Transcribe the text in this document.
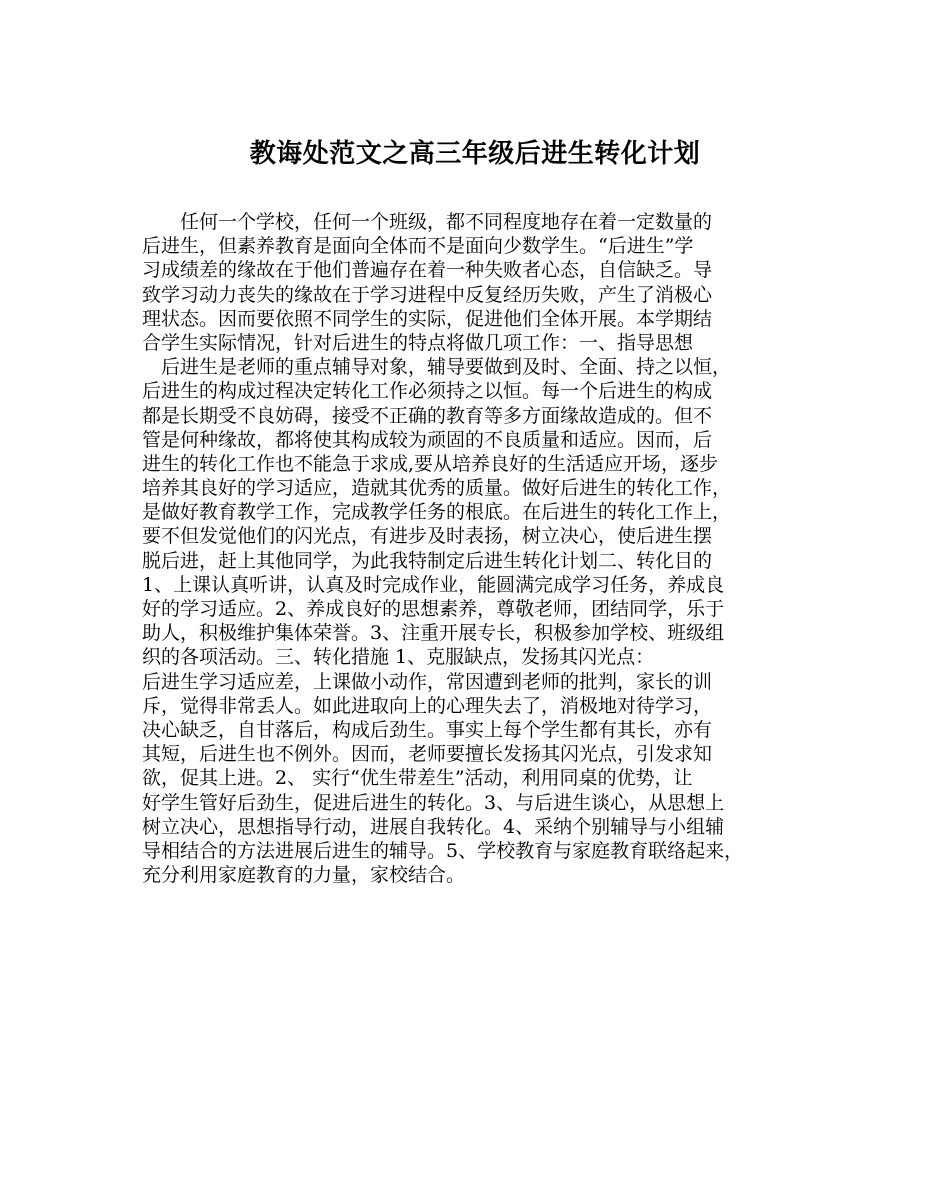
教诲处范文之高三年级后进生转化计划
　　任何一个学校，任何一个班级，都不同程度地存在着一定数量的
后进生，但素养教育是面向全体而不是面向少数学生。“后进生”学
习成绩差的缘故在于他们普遍存在着一种失败者心态，自信缺乏。导
致学习动力丧失的缘故在于学习进程中反复经历失败，产生了消极心
理状态。因而要依照不同学生的实际，促进他们全体开展。本学期结
合学生实际情况，针对后进生的特点将做几项工作：一、指导思想
　后进生是老师的重点辅导对象，辅导要做到及时、全面、持之以恒，
后进生的构成过程决定转化工作必须持之以恒。每一个后进生的构成
都是长期受不良妨碍，接受不正确的教育等多方面缘故造成的。但不
管是何种缘故，都将使其构成较为顽固的不良质量和适应。因而，后
进生的转化工作也不能急于求成,要从培养良好的生活适应开场，逐步
培养其良好的学习适应，造就其优秀的质量。做好后进生的转化工作，
是做好教育教学工作，完成教学任务的根底。在后进生的转化工作上，
要不但发觉他们的闪光点，有进步及时表扬，树立决心，使后进生摆
脱后进，赶上其他同学，为此我特制定后进生转化计划二、转化目的
1、上课认真听讲，认真及时完成作业，能圆满完成学习任务，养成良
好的学习适应。2、养成良好的思想素养，尊敬老师，团结同学，乐于
助人，积极维护集体荣誉。3、注重开展专长，积极参加学校、班级组
织的各项活动。三、转化措施 1、克服缺点，发扬其闪光点：
后进生学习适应差，上课做小动作，常因遭到老师的批判，家长的训
斥，觉得非常丢人。如此进取向上的心理失去了，消极地对待学习，
决心缺乏，自甘落后，构成后劲生。事实上每个学生都有其长，亦有
其短，后进生也不例外。因而，老师要擅长发扬其闪光点，引发求知
欲，促其上进。2、 实行“优生带差生”活动，利用同桌的优势，让
好学生管好后劲生，促进后进生的转化。3、与后进生谈心，从思想上
树立决心，思想指导行动，进展自我转化。4、采纳个别辅导与小组辅
导相结合的方法进展后进生的辅导。5、学校教育与家庭教育联络起来，
充分利用家庭教育的力量，家校结合。
